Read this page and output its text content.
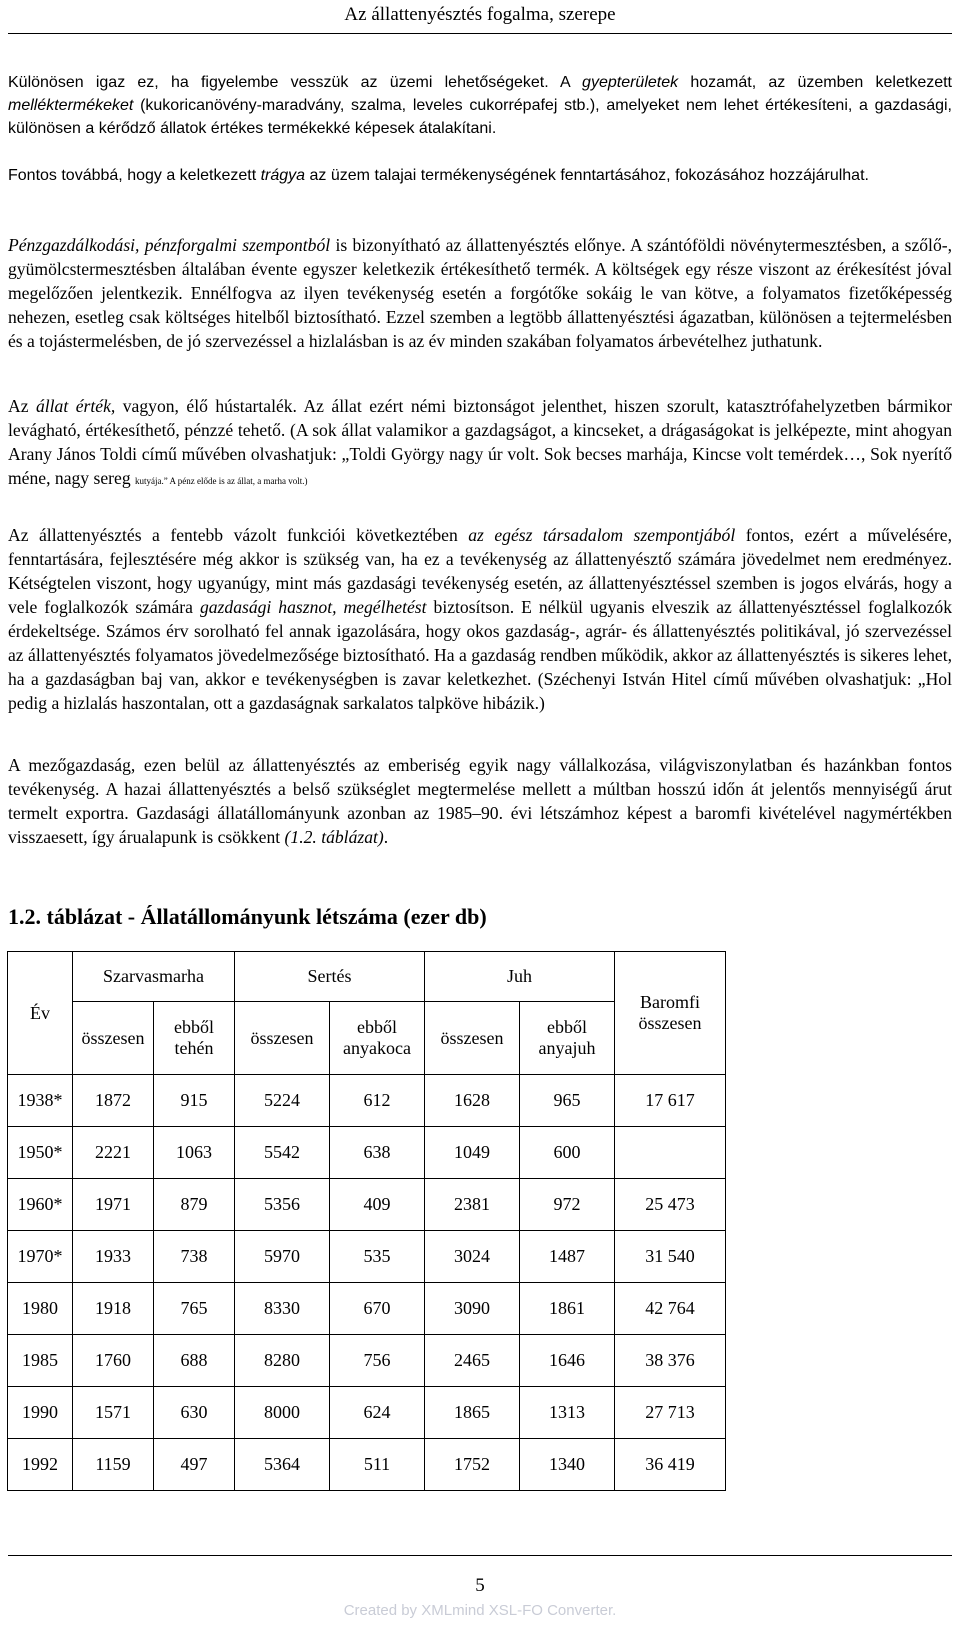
Az állattenyésztés fogalma, szerepe

Különösen igaz ez, ha figyelembe vesszük az üzemi lehetőségeket. A gyepterületek hozamát, az üzemben keletkezett melléktermékeket (kukoricanövény-maradvány, szalma, leveles cukorrépafej stb.), amelyeket nem lehet értékesíteni, a gazdasági, különösen a kérődző állatok értékes termékekké képesek átalakítani.

Fontos továbbá, hogy a keletkezett trágya az üzem talajai termékenységének fenntartásához, fokozásához hozzájárulhat.

Pénzgazdálkodási, pénzforgalmi szempontból is bizonyítható az állattenyésztés előnye. A szántóföldi növénytermesztésben, a szőlő-, gyümölcstermesztésben általában évente egyszer keletkezik értékesíthető termék. A költségek egy része viszont az érékesítést jóval megelőzően jelentkezik. Ennélfogva az ilyen tevékenység esetén a forgótőke sokáig le van kötve, a folyamatos fizetőképesség nehezen, esetleg csak költséges hitelből biztosítható. Ezzel szemben a legtöbb állattenyésztési ágazatban, különösen a tejtermelésben és a tojástermelésben, de jó szervezéssel a hizlalásban is az év minden szakában folyamatos árbevételhez juthatunk.

Az állat érték, vagyon, élő hústartalék. Az állat ezért némi biztonságot jelenthet, hiszen szorult, katasztrófahelyzetben bármikor levágható, értékesíthető, pénzzé tehető. (A sok állat valamikor a gazdagságot, a kincseket, a drágaságokat is jelképezte, mint ahogyan Arany János Toldi című művében olvashatjuk: „Toldi György nagy úr volt. Sok becses marhája, Kincse volt temérdek…, Sok nyerítő méne, nagy sereg kutyája.” A pénz előde is az állat, a marha volt.)

Az állattenyésztés a fentebb vázolt funkciói következtében az egész társadalom szempontjából fontos, ezért a művelésére, fenntartására, fejlesztésére még akkor is szükség van, ha ez a tevékenység az állattenyésztő számára jövedelmet nem eredményez. Kétségtelen viszont, hogy ugyanúgy, mint más gazdasági tevékenység esetén, az állattenyésztéssel szemben is jogos elvárás, hogy a vele foglalkozók számára gazdasági hasznot, megélhetést biztosítson. E nélkül ugyanis elveszik az állattenyésztéssel foglalkozók érdekeltsége. Számos érv sorolható fel annak igazolására, hogy okos gazdaság-, agrár- és állattenyésztés politikával, jó szervezéssel az állattenyésztés folyamatos jövedelmezősége biztosítható. Ha a gazdaság rendben működik, akkor az állattenyésztés is sikeres lehet, ha a gazdaságban baj van, akkor e tevékenységben is zavar keletkezhet. (Széchenyi István Hitel című művében olvashatjuk: „Hol pedig a hizlalás haszontalan, ott a gazdaságnak sarkalatos talpköve hibázik.)

A mezőgazdaság, ezen belül az állattenyésztés az emberiség egyik nagy vállalkozása, világviszonylatban és hazánkban fontos tevékenység. A hazai állattenyésztés a belső szükséglet megtermelése mellett a múltban hosszú időn át jelentős mennyiségű árut termelt exportra. Gazdasági állatállományunk azonban az 1985–90. évi létszámhoz képest a baromfi kivételével nagymértékben visszaesett, így árualapunk is csökkent (1.2. táblázat).

1.2. táblázat - Állatállományunk létszáma (ezer db)
Év	Szarvasmarha		Sertés		Juh		Baromfi összesen
	összesen	ebből tehén	összesen	ebből anyakoca	összesen	ebből anyajuh	
1938*	1872	915	5224	612	1628	965	17 617
1950*	2221	1063	5542	638	1049	600	
1960*	1971	879	5356	409	2381	972	25 473
1970*	1933	738	5970	535	3024	1487	31 540
1980	1918	765	8330	670	3090	1861	42 764
1985	1760	688	8280	756	2465	1646	38 376
1990	1571	630	8000	624	1865	1313	27 713
1992	1159	497	5364	511	1752	1340	36 419
5
Created by XMLmind XSL-FO Converter.
